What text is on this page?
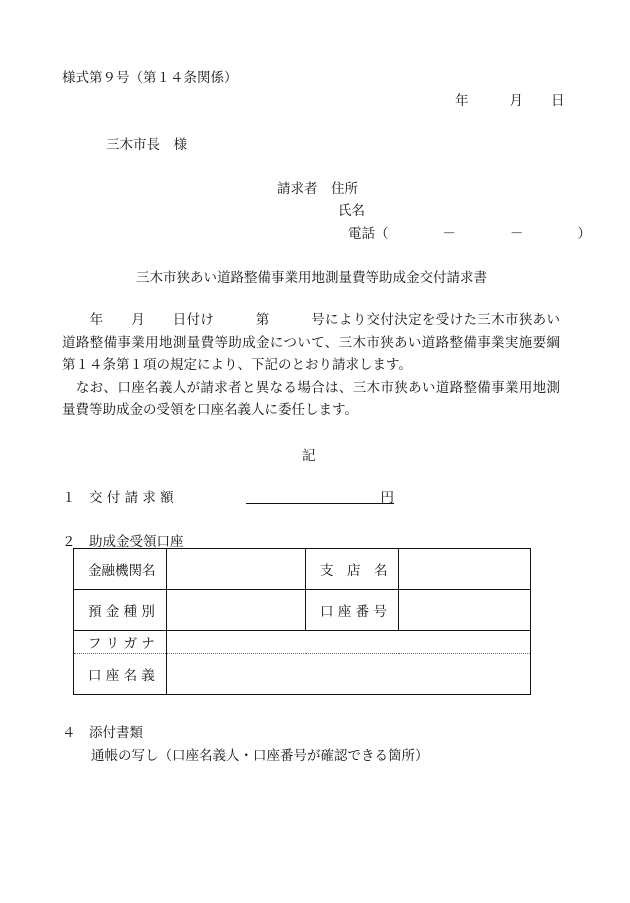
様式第９号（第１４条関係）
年	月 日
三木市長　様
請求者　住所
氏名
電話（　　　　－　　　　－　　　　）
三木市狭あい道路整備事業用地測量費等助成金交付請求書

　　年　　月　　日付け　　　第　　　号により交付決定を受けた三木市狭あい道路整備事業用地測量費等助成金について、三木市狭あい道路整備事業実施要綱第１４条第１項の規定により、下記のとおり請求します。

　なお、口座名義人が請求者と異なる場合は、三木市狭あい道路整備事業用地測量費等助成金の受領を口座名義人に委任します。

記
１　交 付 請 求 額	円
２　助成金受領口座
金融機関名		支　店　名	
預 金 種 別		口 座 番 号	
フ リ ガ ナ			
口 座 名 義			
４　添付書類
通帳の写し（口座名義人・口座番号が確認できる箇所）
